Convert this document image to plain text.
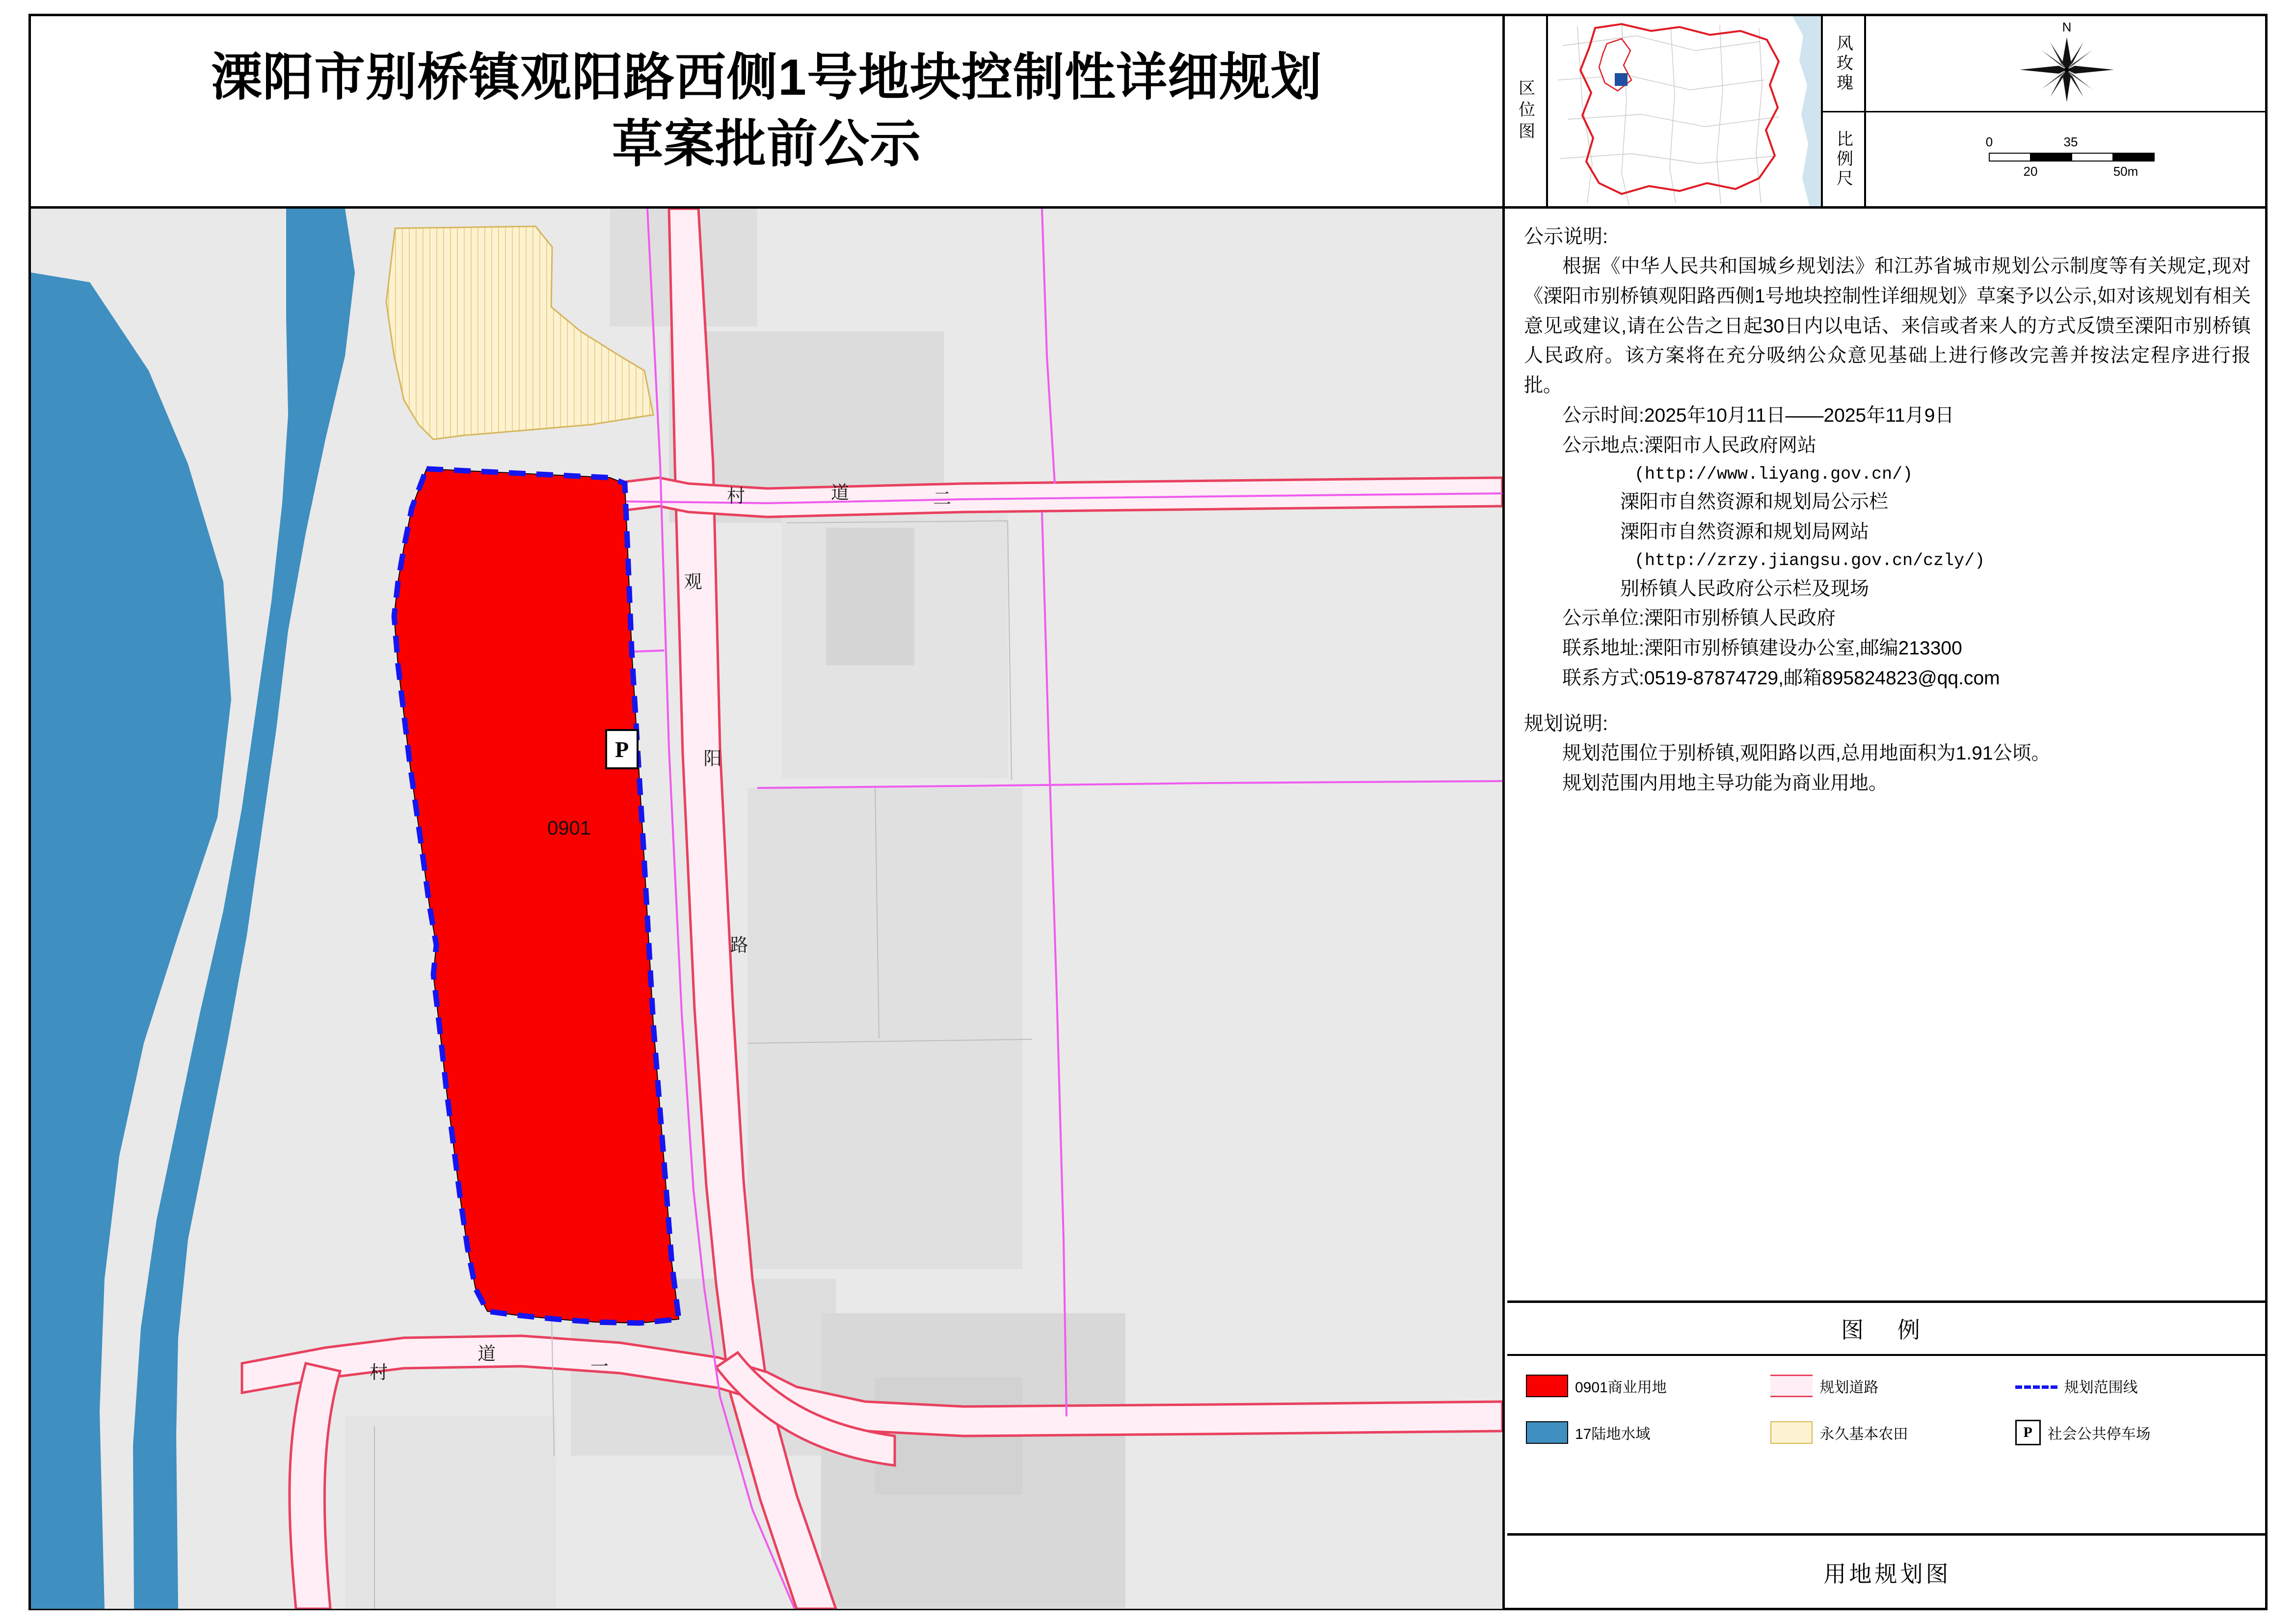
溧阳市别桥镇观阳路西侧1号地块控制性详细规划
草案批前公示
区位图
风玫瑰
比例尺
N
0	35
20	50m
观
阳
路
村	道	二
村
道
一
0901
P
公示说明:
根据《中华人民共和国城乡规划法》和江苏省城市规划公示制度等有关规定,现对《溧阳市别桥镇观阳路西侧1号地块控制性详细规划》草案予以公示,如对该规划有相关意见或建议,请在公告之日起30日内以电话、来信或者来人的方式反馈至溧阳市别桥镇人民政府。该方案将在充分吸纳公众意见基础上进行修改完善并按法定程序进行报批。
公示时间:2025年10月11日——2025年11月9日
公示地点:溧阳市人民政府网站
(http://www.liyang.gov.cn/)
溧阳市自然资源和规划局公示栏
溧阳市自然资源和规划局网站
(http://zrzy.jiangsu.gov.cn/czly/)
别桥镇人民政府公示栏及现场
公示单位:溧阳市别桥镇人民政府
联系地址:溧阳市别桥镇建设办公室,邮编213300
联系方式:0519-87874729,邮箱895824823@qq.com
规划说明:
规划范围位于别桥镇,观阳路以西,总用地面积为1.91公顷。
规划范围内用地主导功能为商业用地。
图 例
0901商业用地	规划道路	规划范围线
17陆地水域	永久基本农田	P	社会公共停车场
用地规划图
